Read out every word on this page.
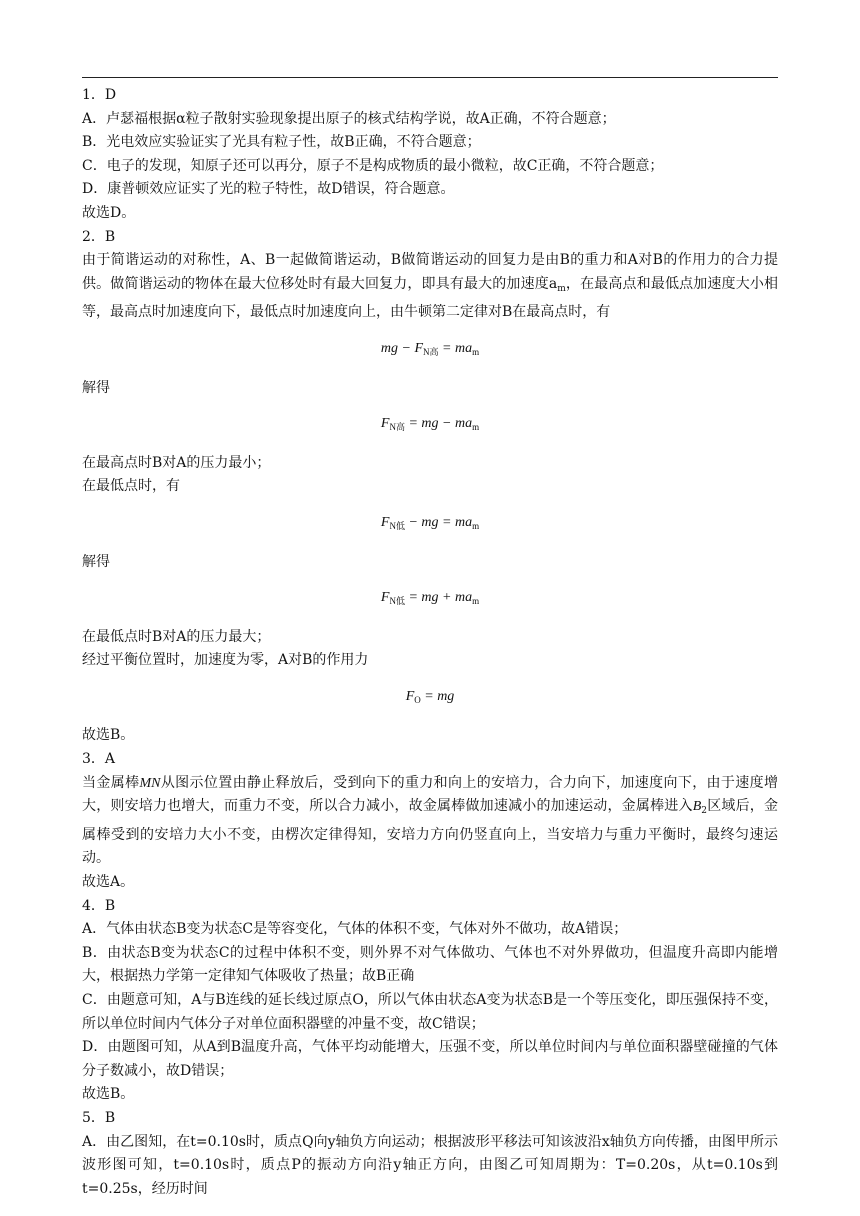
1．D

A．卢瑟福根据α粒子散射实验现象提出原子的核式结构学说，故A正确，不符合题意；

B．光电效应实验证实了光具有粒子性，故B正确，不符合题意；

C．电子的发现，知原子还可以再分，原子不是构成物质的最小微粒，故C正确，不符合题意；

D．康普顿效应证实了光的粒子特性，故D错误，符合题意。

故选D。

2．B

由于简谐运动的对称性，A、B一起做简谐运动，B做简谐运动的回复力是由B的重力和A对B的作用力的合力提供。做简谐运动的物体在最大位移处时有最大回复力，即具有最大的加速度$a_m$，在最高点和最低点加速度大小相等，最高点时加速度向下，最低点时加速度向上，由牛顿第二定律对B在最高点时，有

mg − $F_{N高} = ma_m$

解得

$F_{N高}$ = mg − $ma_m$

在最高点时B对A的压力最小；

在最低点时，有

$F_{N低}$ − mg = $ma_m$

解得

$F_{N低}$ = mg + $ma_m$

在最低点时B对A的压力最大；

经过平衡位置时，加速度为零，A对B的作用力

$F_O$ = mg

故选B。

3．A

当金属棒MN从图示位置由静止释放后，受到向下的重力和向上的安培力，合力向下，加速度向下，由于速度增大，则安培力也增大，而重力不变，所以合力减小，故金属棒做加速减小的加速运动，金属棒进入$B_2$区域后，金属棒受到的安培力大小不变，由楞次定律得知，安培力方向仍竖直向上，当安培力与重力平衡时，最终匀速运动。

故选A。

4．B

A．气体由状态B变为状态C是等容变化，气体的体积不变，气体对外不做功，故A错误；

B．由状态B变为状态C的过程中体积不变，则外界不对气体做功、气体也不对外界做功，但温度升高即内能增大，根据热力学第一定律知气体吸收了热量；故B正确

C．由题意可知，A与B连线的延长线过原点O，所以气体由状态A变为状态B是一个等压变化，即压强保持不变，所以单位时间内气体分子对单位面积器壁的冲量不变，故C错误；

D．由题图可知，从A到B温度升高，气体平均动能增大，压强不变，所以单位时间内与单位面积器壁碰撞的气体分子数减小，故D错误；

故选B。

5．B

A．由乙图知，在t=0.10s时，质点Q向y轴负方向运动；根据波形平移法可知该波沿x轴负方向传播，由图甲所示波形图可知，t=0.10s时，质点P的振动方向沿y轴正方向，由图乙可知周期为：T=0.20s，从t=0.10s到t=0.25s，经历时间
